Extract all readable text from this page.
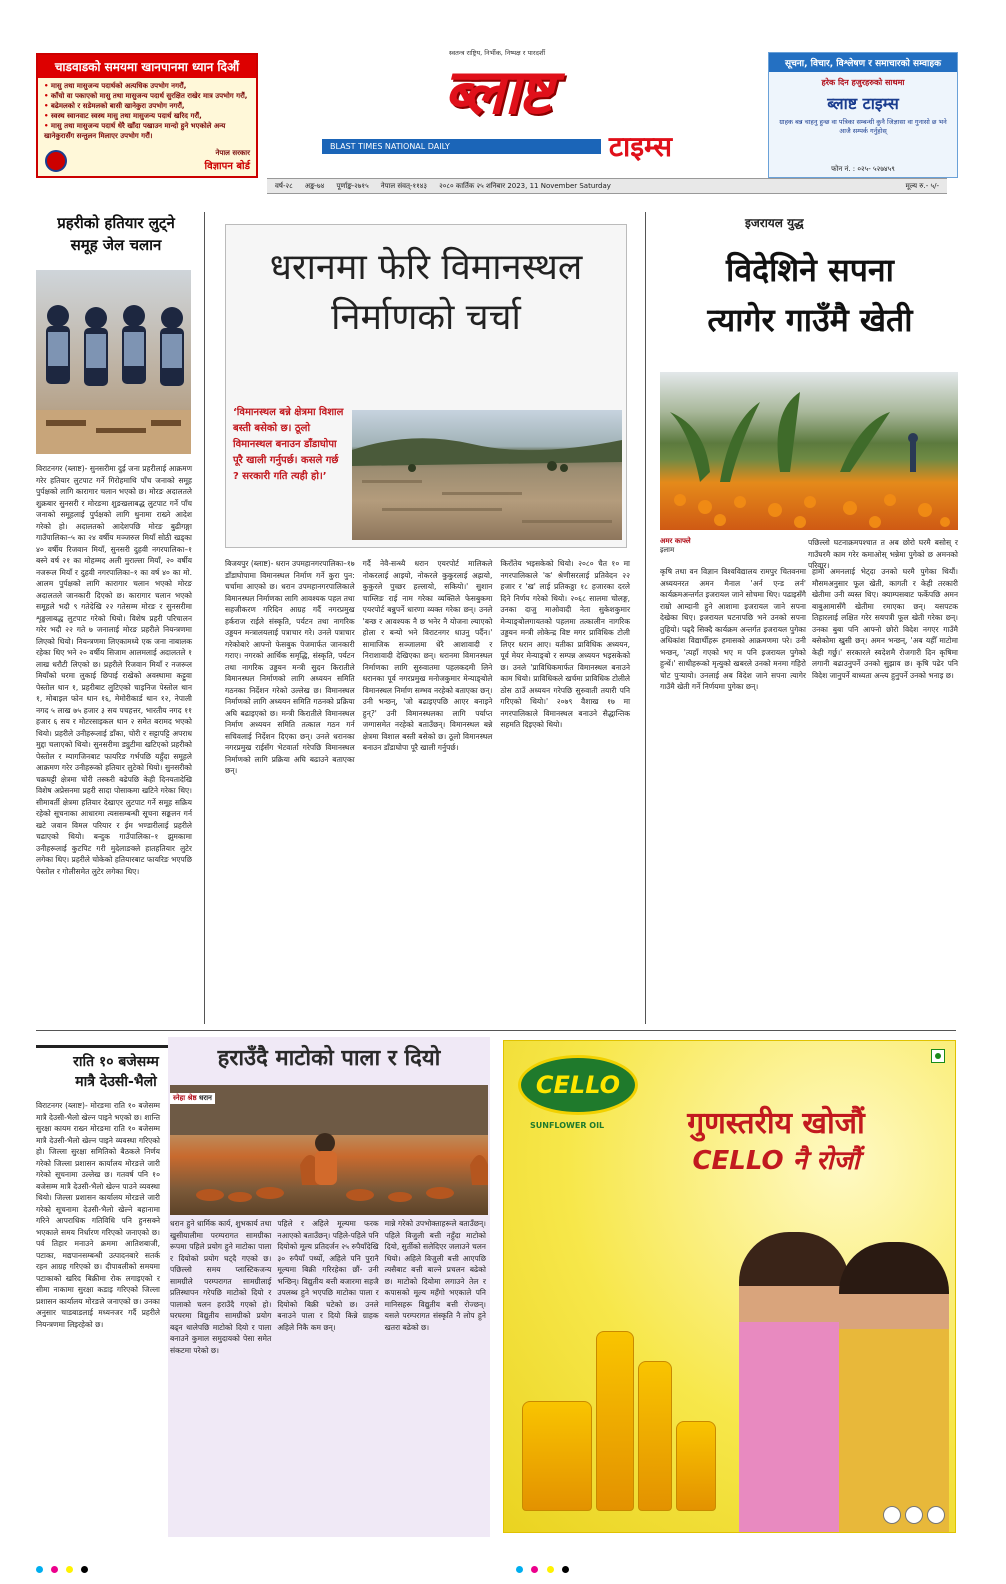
चाडवाडको समयमा खानपानमा ध्यान दिऔं
• मासु तथा मासुजन्य पदार्थको अत्यधिक उपभोग नगरौं,
• काँचो वा पकाएको मासु तथा मासुजन्य पदार्थ सुरक्षित राखेर मात्र उपभोग गरौं,
• बढेमलको र सडेमलको बासी खानेकुरा उपभोग नगरौं,
• स्वस्थ स्वानवाट स्वस्थ मासु तथा मासुजन्य पदार्थ खरिद गरौं,
• मासु तथा मासुजन्य पदार्थ धेरै खाँदा पखाउन मान्दो हुने भएकोले अन्य खानेकुरासँग सन्तुलन मिलाएर उपभोग गरौं।
नेपाल सरकार
विज्ञापन बोर्ड
स्वतन्त्र राष्ट्रिय, निर्भीक, निष्पक्ष र पारदर्शी
ब्लाष्ट
BLAST TIMES NATIONAL DAILY	टाइम्स
सूचना, विचार, विश्लेषण र समाचारको सम्वाहक
हरेक दिन हजुरहरुको साथमा
ब्लाष्ट टाइम्स
ग्राहक बन्न चाहनु हुन्छ वा पत्रिका सम्बन्धी कुनै जिज्ञासा वा गुनासो छ भने आजै सम्पर्क गर्नुहोस्
फोन नं. : ०२५- ५२७४५९
वर्ष-२८ अङ्क-७४ पूर्णाङ्क-२७१५ नेपाल संवत्-११४३ २०८० कार्तिक २५ शनिबार 2023, 11 November Saturday	मूल्य रु.- ५/-
प्रहरीको हतियार लुट्ने
समूह जेल चलान
विराटनगर (ब्लाष्ट)- सुनसरीमा दुई जना प्रहरीलाई आक्रमण गरेर हतियार लुटपाट गर्ने गिरोहमाथि पाँच जनाको समूह पुर्पक्षको लागि कारागार चलान भएको छ। मोरङ अदालतले शुक्रबार सुनसरी र मोरङमा शुङखलाबद्ध लुटपाट गर्ने पाँच जनाको समूहलाई पुर्पक्षको लागि थुनामा राख्ने आदेश गरेको हो। अदालतको आदेशपछि मोरङ बुढीगङ्गा गाउँपालिका–५ का २४ वर्षीय मञ्जरुल मियाँ सोठी खड्का ४० वर्षीय रिजवान मियाँ, सुनसरी दुहवी नगरपालिका–१ बस्ने वर्ष २१ का मोहम्मद अली मुराल्ला मियाँ, २० वर्षीय नजरूल मियाँ र दुहवी नगरपालिका–१ का वर्ष ४० का मो. आलम पुर्पक्षको लागि कारागार चलान भएको मोरङ अदालतले जानकारी दिएको छ। कारागार चलान भएको समूहले भदौ ९ गतेदेखि २२ गतेसम्म मोरङ र सुनसरीमा शृङ्खलाबद्ध लुटपाट गरेको थियो। विशेष प्रहरी परिचालन गरेर भदौ २२ गते ७ जनालाई मोरङ प्रहरीले नियन्त्रणमा लिएको थियो। नियन्त्रणमा लिएकामध्ये एक जना नाबालक रहेका थिए भने २० वर्षीय सिजाम आलमलाई अदालतले १ लाख धरौटी लिएको छ। प्रहरीले रिजवान मियाँ र नजरूल मियाँको घरमा लुकाई छिपाई राखेको अवस्थामा कट्टुवा पेस्तोल थान १, प्रहरीबाट लुटिएको चाइनिज पेस्तोल थान १, मोबाइल फोन थान १६, मेमोरीकार्ड थान १२, नेपाली नगद ५ लाख ७५ हजार ३ सय पचहत्तर, भारतीय नगद ११ हजार ६ सय र मोटरसाइकल थान २ समेत बरामद भएको थियो। प्रहरीले उनीहरूलाई डाँका, चोरी र सट्टापट्टि अपराध मुद्दा चलाएको थियो। सुनसरीमा ड्युटीमा खटिएको प्रहरीको पेस्तोल र म्यागजिनबाट फायरिङ गर्भपछि यहुँदा समूहले आक्रमण गरेर उनीहरूको हतियार लुटेको थियो। सुनसरीको चक्रघट्टी क्षेत्रमा चोरी तस्करी बढेपछि केही दिनयतादेखि विशेष अप्रेसनमा प्रहरी सादा पोसाकमा खटिने गरेका थिए। सीमावर्ती क्षेत्रमा हतियार देखाएर लुटपाट गर्ने समूह सक्रिय रहेको सूचनाका आधारमा त्यससम्बन्धी सूचना सङ्कलन गर्न खटे जवान विमल परियार र ईम भण्डारीलाई प्रहरीले चढाएको थियो। बन्दुक गाउँपालिका–१ झुमकामा उनीहरूलाई कुटपिट गरी मुदेलाङक्ले हातहतियार लुटेर लगेका थिए। प्रहरीले चोकेको हतियारबाट फायरिङ भएपछि पेस्तोल र गोलीसमेत लुटेर लगेका थिए।
धरानमा फेरि विमानस्थल
निर्माणको चर्चा
‘विमानस्थल बन्ने क्षेत्रमा विशाल बस्ती बसेको छ। ठूलो विमानस्थल बनाउन डाँडाघोपा पूरै खाली गर्नुपर्छ। कसले गर्छ ? सरकारी गति त्यही हो।’
बिजयपुर (ब्लाष्ट)- धरान उपमहानगरपालिका–१७ डाँडाघोपामा विमानस्थल निर्माण गर्ने कुरा पुन: चर्चामा आएको छ। धरान उपमहानगरपालिकाले विमानस्थल निर्माणका लागि आवश्यक पहल तथा सहजीकरण गरिदिन आग्रह गर्दै नगरप्रमुख हर्कराज राईले संस्कृति, पर्यटन तथा नागरिक उड्डयन मन्त्रालयलाई पत्राचार गरे। उनले पत्राचार गरेकोबारे आफ्नो फेसबुक पेजमार्फत जानकारी गराए। नगरको आर्थिक समृद्धि, संस्कृति, पर्यटन तथा नागरिक उड्डयन मन्त्री सुदन किरातीले विमानस्थल निर्माणको लागि अध्ययन समिति गठनका निर्देशन गरेको उल्लेख छ। विमानस्थल निर्माणको लागि अध्ययन समिति गठनको प्रक्रिया अघि बढाइएको छ। मन्त्री किरातीले विमानस्थल निर्माण अध्ययन समिति तत्काल गठन गर्न सचिवलाई निर्देशन दिएका छन्। उनले धरानका नगरप्रमुख राईसँग भेटवार्ता गरेपछि विमानस्थल निर्माणको लागि प्रक्रिया अघि बढाउने बताएका छन्।
गर्दै नेवै-सन्ध्यै धरान एयरपोर्ट मालिकले नोकरलाई आइयो, नोकरले कुकुरलाई अह्रायो, कुकुरले पुच्छर हल्लायो, सकियो।' सुशान चाम्लिङ राई नाम गरेका व्यक्तिले फेसबुकमा एयरपोर्ट बन्नुपर्ने धारणा व्यक्त गरेका छन्। उनले 'बन्छ र आवश्यक नै छ भनेर नै योजना ल्याएको होला र बन्यो भने विराटनगर धाउनु पर्दैन।' सामाजिक सञ्जालमा धेरै आशावादी र निराशावादी देखिएका छन्। धरानमा विमानस्थल निर्माणका लागि सुरुवातमा पहलकदमी लिने धरानका पूर्व नगरप्रमुख मनोजकुमार मेन्याङ्बोले विमानस्थल निर्माण सम्भव नरहेको बताएका छन्। उनी भन्छन्, 'जो बढाइएपछि आएर बनाइने हुन्?' उनी विमानस्थलका लागि पर्याप्त जग्गासमेत नरहेको बताउँछन्। विमानस्थल बन्ने क्षेत्रमा विशाल बस्ती बसेको छ। ठूलो विमानस्थल बनाउन डाँडाघोपा पूरै खाली गर्नुपर्छ।
किराँतेय भइसकेको थियो। २०८० चैत १० मा नगरपालिकाले 'क' श्रेणीसरलाई प्रतिवेदन २२ हजार र 'ख' लाई प्रतिकठ्ठा १८ हजारका दरले दिने निर्णय गरेको थियो। २०६८ सालमा चोलङ्ग, उनका दाजु माओवादी नेता सुकेशकुमार मेन्याङ्बोलगायतको पहलमा तत्कालीन नागरिक उड्डयन मन्त्री लोकेन्द्र विष्ट मगर प्राविधिक टोली लिएर धरान आए। यतीका प्राविधिक अध्ययन, पूर्व मेयर मेन्याङ्बो र सम्पन्न अध्ययन भइसकेको छ। उनले 'प्राविधिकमार्फत विमानस्थल बनाउने काम थियो। प्राविधिकले खर्चमा प्राविधिक टोलीले ठोस ठाउँ अध्ययन गरेपछि सुरुवाती तयारी पनि गरिएको थियो।' २०७९ वैशाख १७ मा नगरपालिकाले विमानस्थल बनाउने सैद्धान्तिक सहमति दिइएको थियो।
इजरायल युद्ध
विदेशिने सपना
त्यागेर गाउँमै खेती
अमर काफ्ले
इलाम
पछिल्लो घटनाक्रमपश्चात त अब छोरो घरमै बसोस् र गाउँघरमै काम गरेर कमाओस् भन्नेमा पुगेको छ अमनको परिवार।
कृषि तथा वन विज्ञान विश्वविद्यालय रामपुर चितवनमा अध्ययनरत अमन मैनाल 'अर्न एन्ड लर्न' कार्यक्रमअन्तर्गत इजरायल जाने सोचमा थिए। पढाइसँगै राम्रो आम्दानी हुने आशामा इजरायल जाने सपना देखेका थिए। इजरायल घटनापछि भने उनको सपना तुहियो। पढ्दै सिक्दै कार्यक्रम अन्तर्गत इजरायल पुगेका अधिकांश विद्यार्थीहरू हमासको आक्रमणमा परे। उनी भन्छन्, 'त्यहाँ गएको भए म पनि इजरायल पुगेको हुन्थें।' साथीहरूको मृत्युको खबरले उनको मनमा गहिरो चोट पुर्‍यायो। उनलाई अब विदेश जाने सपना त्यागेर गाउँमै खेती गर्ने निर्णयमा पुगेका छन्।
हामी अमनलाई भेट्दा उनको घरमै पुगेका थियौं। मौसमअनुसार फूल खेती, कागती र केही तरकारी खेतीमा उनी व्यस्त थिए। क्याम्पसबाट फर्केपछि अमन बाबुआमासँगै खेतीमा रमाएका छन्। यसपटक तिहारलाई लक्षित गरेर सयपत्री फूल खेती गरेका छन्। उनका बुबा पनि आफ्नो छोरो विदेश नगएर गाउँमै बसेकोमा खुसी छन्। अमन भन्छन्, 'अब यहीँ माटोमा केही गर्छु।' सरकारले स्वदेशमै रोजगारी दिन कृषिमा लगानी बढाउनुपर्ने उनको सुझाव छ। कृषि पढेर पनि विदेश जानुपर्ने बाध्यता अन्त्य हुनुपर्ने उनको भनाइ छ।
राति १० बजेसम्म
मात्रै देउसी-भैलो
विराटनगर (ब्लाष्ट)- मोरङमा राति १० बजेसम्म मात्रै देउसी-भैलो खेल्न पाइने भएको छ। शान्ति सुरक्षा कायम राख्न मोरङमा राति १० बजेसम्म मात्रै देउसी-भैलो खेल्न पाइने व्यवस्था गरिएको हो। जिल्ला सुरक्षा समितिको बैठकले निर्णय गरेको जिल्ला प्रशासन कार्यालय मोरङले जारी गरेको सूचनामा उल्लेख छ। गतवर्ष पनि १० बजेसम्म मात्रै देउसी-भैलो खेल्न पाउने व्यवस्था थियो। जिल्ला प्रशासन कार्यालय मोरङले जारी गरेको सूचनामा देउसी-भैलो खेल्ने बहानामा गरिने आपराधिक गतिविधि पनि हुनसक्ने भएकाले समय निर्धारण गरिएको जनाएको छ। पर्व तिहार मनाउने क्रममा आतिशबाजी, पटाका, मद्यपानसम्बन्धी उत्पादनबारे सतर्क रहन आग्रह गरिएको छ। दीपावलीको समयमा पटाकाको खरिद बिक्रीमा रोक लगाइएको र सीमा नाकामा सुरक्षा कडाइ गरिएको जिल्ला प्रशासन कार्यालय मोरङले जनाएको छ। उनका अनुसार चाडबाडलाई मध्यनजर गर्दै प्रहरीले नियन्त्रणमा लिइरहेको छ।
हराउँदै माटोको पाला र दियो
स्नेहा श्रेष्ठ धरान
धरान हुने धार्मिक कार्य, शुभकार्य तथा खुसीयालीमा परम्परागत सामग्रीका रूपमा पहिले प्रयोग हुने माटोका पाला र दियोको प्रयोग घट्दै गएको छ। पछिल्लो समय प्लास्टिकजन्य सामग्रीले परम्परागत सामग्रीलाई प्रतिस्थापन गरेपछि माटोको दियो र पालाको चलन हराउँदै गएको हो। घरघरमा विद्युतीय सामग्रीको प्रयोग बढ्न थालेपछि माटोको दियो र पाला बनाउने कुमाल समुदायको पेसा समेत संकटमा परेको छ।
पहिले र अहिले मूल्यमा फरक नआएको बताउँछन्। पहिले-पहिले पनि दियोको मूल्य प्रतिदर्जन २५ रुपैयाँदेखि ३० रुपैयाँ पर्थ्यो, अहिले पनि पुरानै मूल्यमा बिक्री गरिरहेका छौं- उनी भन्छिन्। विद्युतीय बत्ती बजारमा सहजै उपलब्ध हुने भएपछि माटोका पाला र दियोको बिक्री घटेको छ। उनले बनाउने पाला र दियो किन्ने ग्राहक अहिले निकै कम छन्।
मान्ने गरेको उपभोक्ताहरूले बताउँछन्। पहिले विजुली बत्ती नहुँदा माटोको दियो, सुर्तीको सलेदिएर जलाउने चलन थियो। अहिले विजुली बत्ती आएपछि त्यसैबाट बत्ती बाल्ने प्रचलन बढेको छ। माटोको दियोमा लगाउने तेल र कपासको मूल्य महँगो भएकाले पनि मानिसहरू विद्युतीय बत्ती रोज्छन्। यसले परम्परागत संस्कृति नै लोप हुने खतरा बढेको छ।
CELLO
SUNFLOWER OIL	गुणस्तरीय खोजौं
CELLO नै रोजौं
